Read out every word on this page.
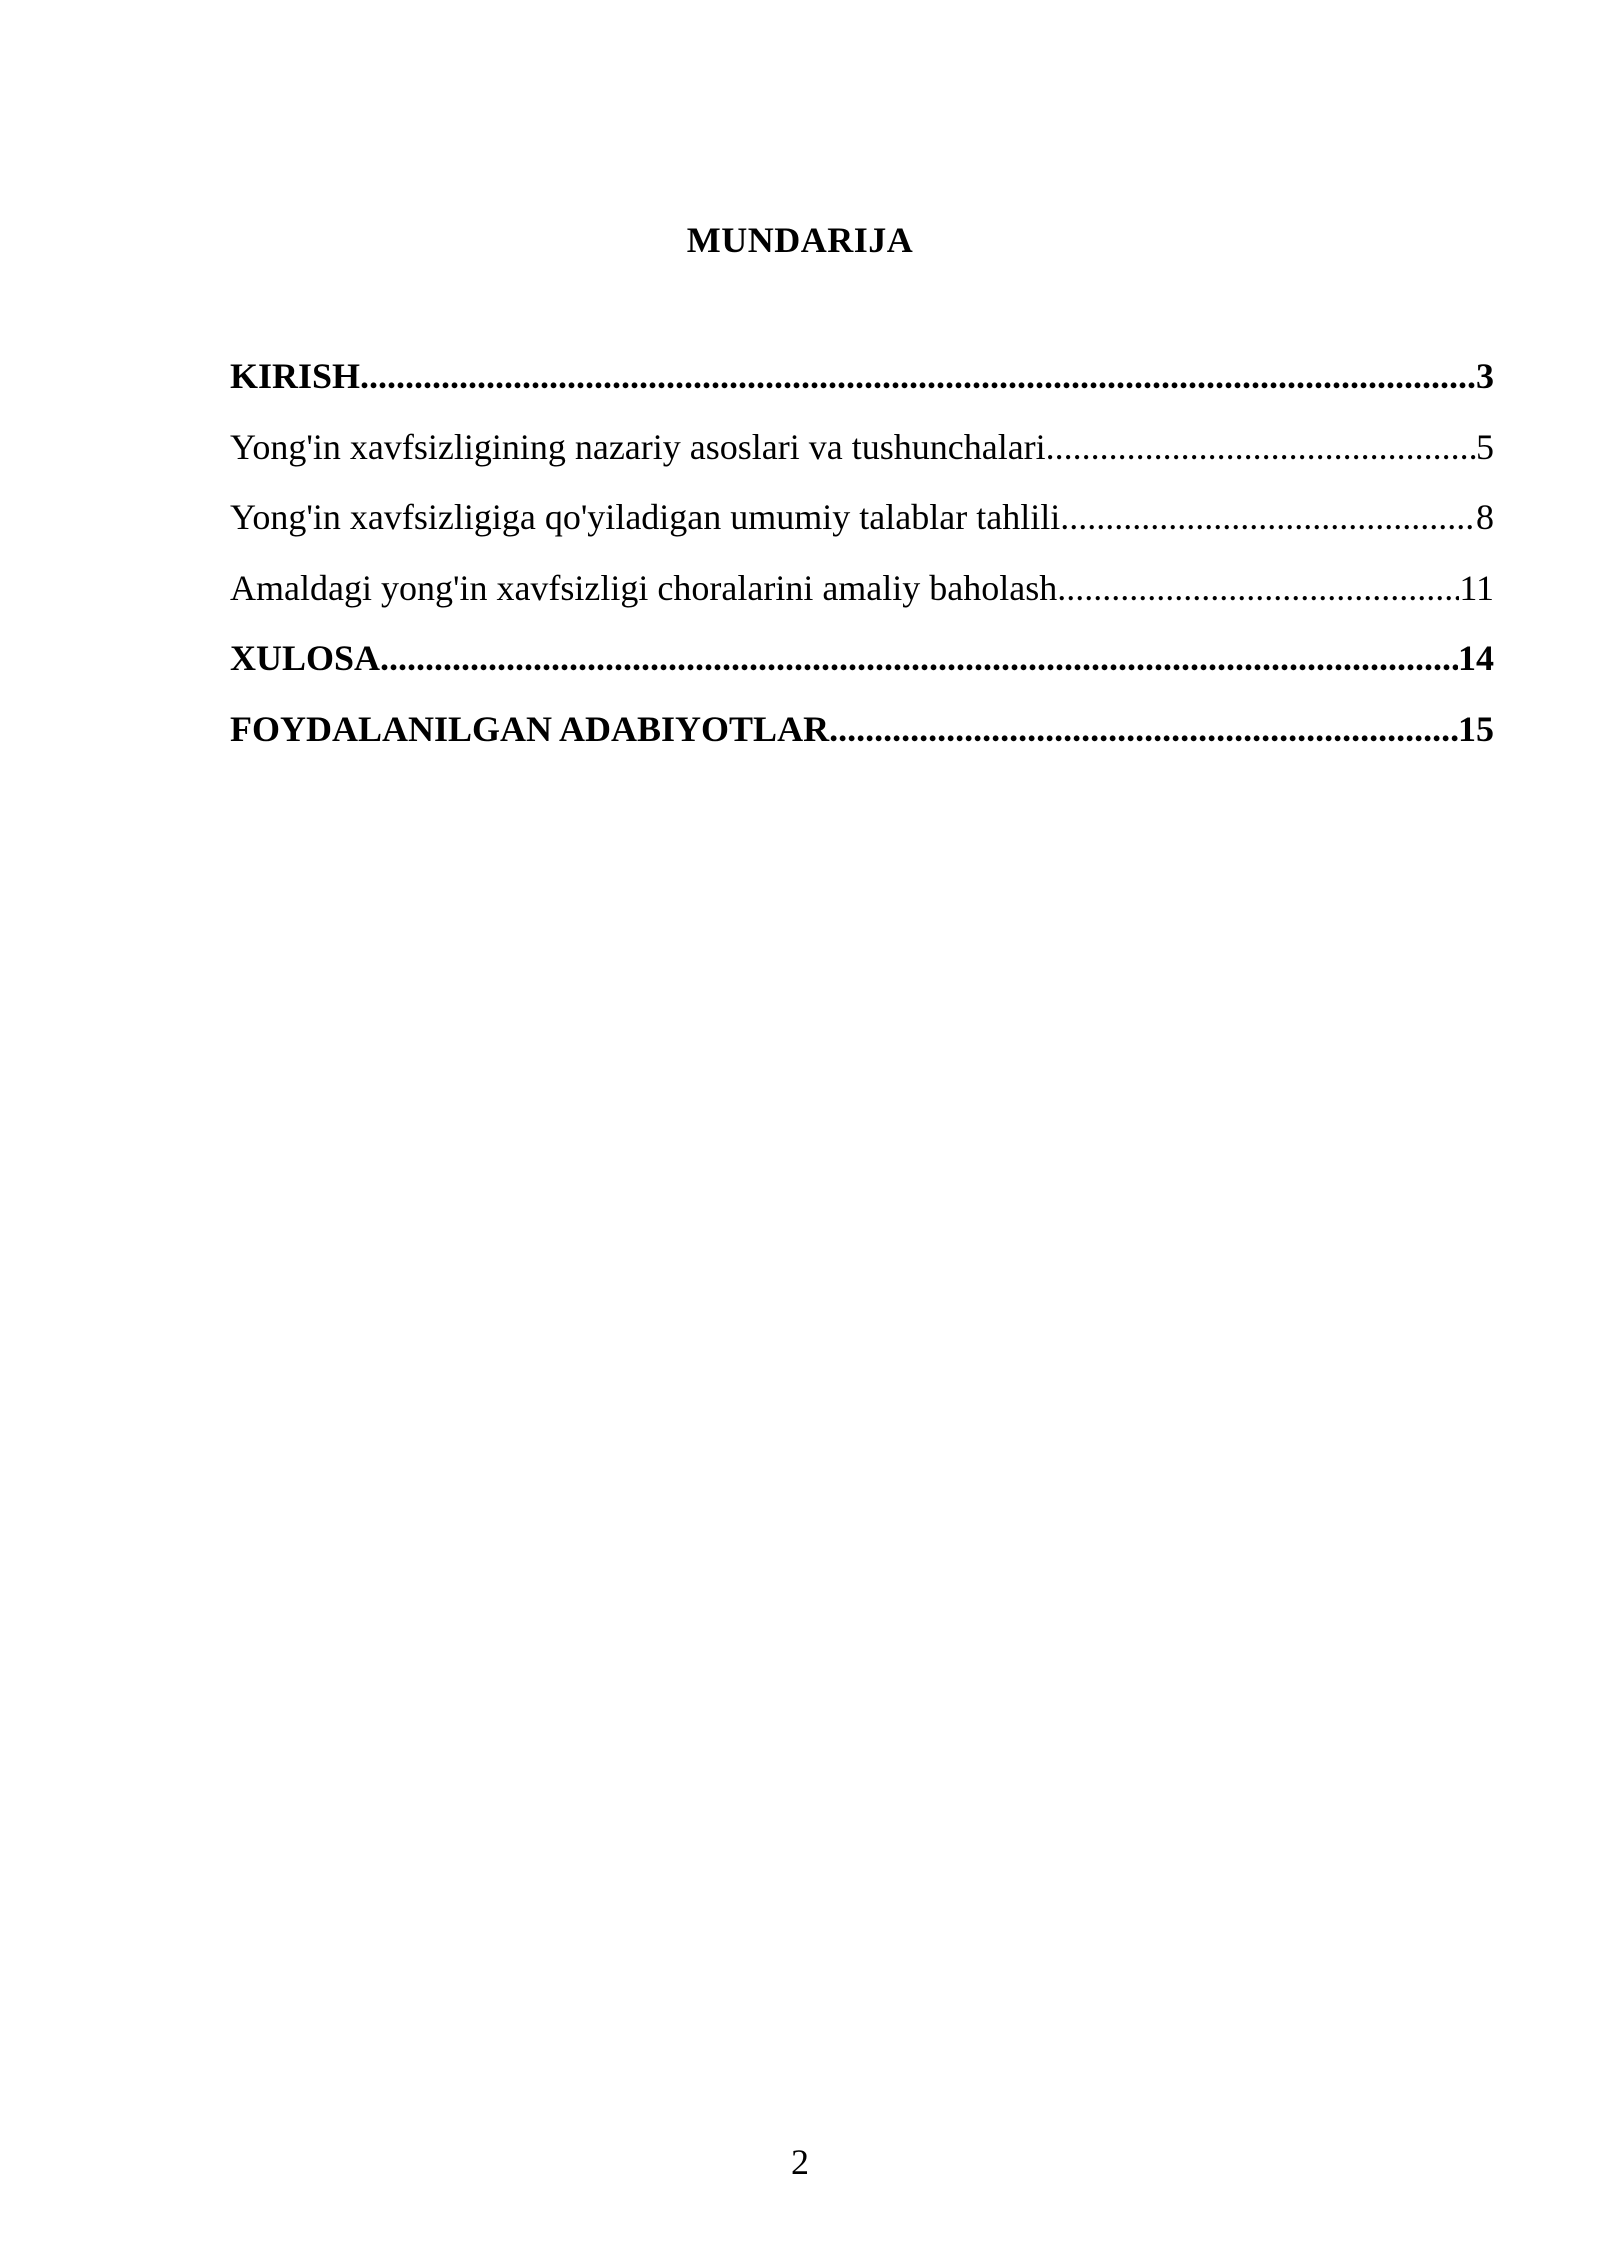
MUNDARIJA
KIRISH .....	3
Yong'in xavfsizligining nazariy asoslari va tushunchalari .....	5
Yong'in xavfsizligiga qo'yiladigan umumiy talablar tahlili .....	8
Amaldagi yong'in xavfsizligi choralarini amaliy baholash .....	11
XULOSA .....	14
FOYDALANILGAN ADABIYOTLAR .....	15
2
